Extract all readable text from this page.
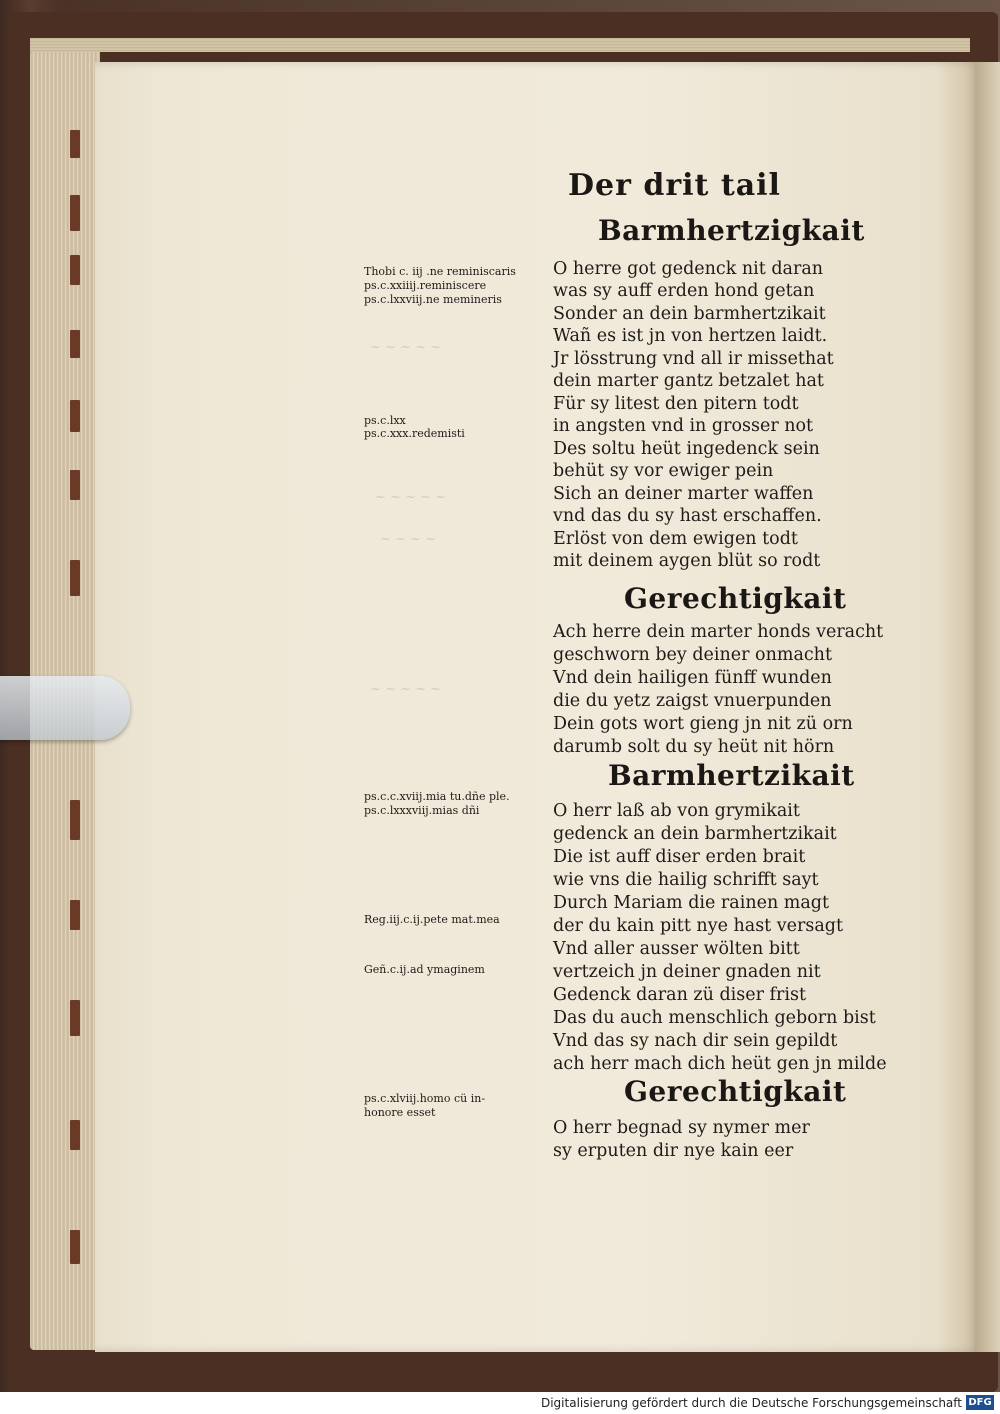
~ ~ ~ ~ ~
~ ~ ~ ~ ~
~ ~ ~ ~
~ ~ ~ ~ ~
Der drit tail
Barmhertzigkait
O herre got gedenck nit daran
was sy auff erden hond getan
Sonder an dein barmhertzikait
Wañ es ist jn von hertzen laidt.
Jr lösstrung vnd all ir missethat
dein marter gantz betzalet hat
Für sy litest den pitern todt
in angsten vnd in grosser not
Des soltu heüt ingedenck sein
behüt sy vor ewiger pein
Sich an deiner marter waffen
vnd das du sy hast erschaffen.
Erlöst von dem ewigen todt
mit deinem aygen blüt so rodt
Gerechtigkait
Ach herre dein marter honds veracht
geschworn bey deiner onmacht
Vnd dein hailigen fünff wunden
die du yetz zaigst vnuerpunden
Dein gots wort gieng jn nit zü orn
darumb solt du sy heüt nit hörn
Barmhertzikait
O herr laß ab von grymikait
gedenck an dein barmhertzikait
Die ist auff diser erden brait
wie vns die hailig schrifft sayt
Durch Mariam die rainen magt
der du kain pitt nye hast versagt
Vnd aller ausser wölten bitt
vertzeich jn deiner gnaden nit
Gedenck daran zü diser frist
Das du auch menschlich geborn bist
Vnd das sy nach dir sein gepildt
ach herr mach dich heüt gen jn milde
Gerechtigkait
O herr begnad sy nymer mer
sy erputen dir nye kain eer
Thobi c. iij .ne reminiscaris
ps.c.xxiiij.reminiscere
ps.c.lxxviij.ne memineris
ps.c.lxx
ps.c.xxx.redemisti
ps.c.c.xviij.mia tu.dñe ple.
ps.c.lxxxviij.mias dñi
Reg.iij.c.ij.pete mat.mea
Geñ.c.ij.ad ymaginem
ps.c.xlviij.homo cü in-
honore esset
Digitalisierung gefördert durch die Deutsche Forschungsgemeinschaft DFG
